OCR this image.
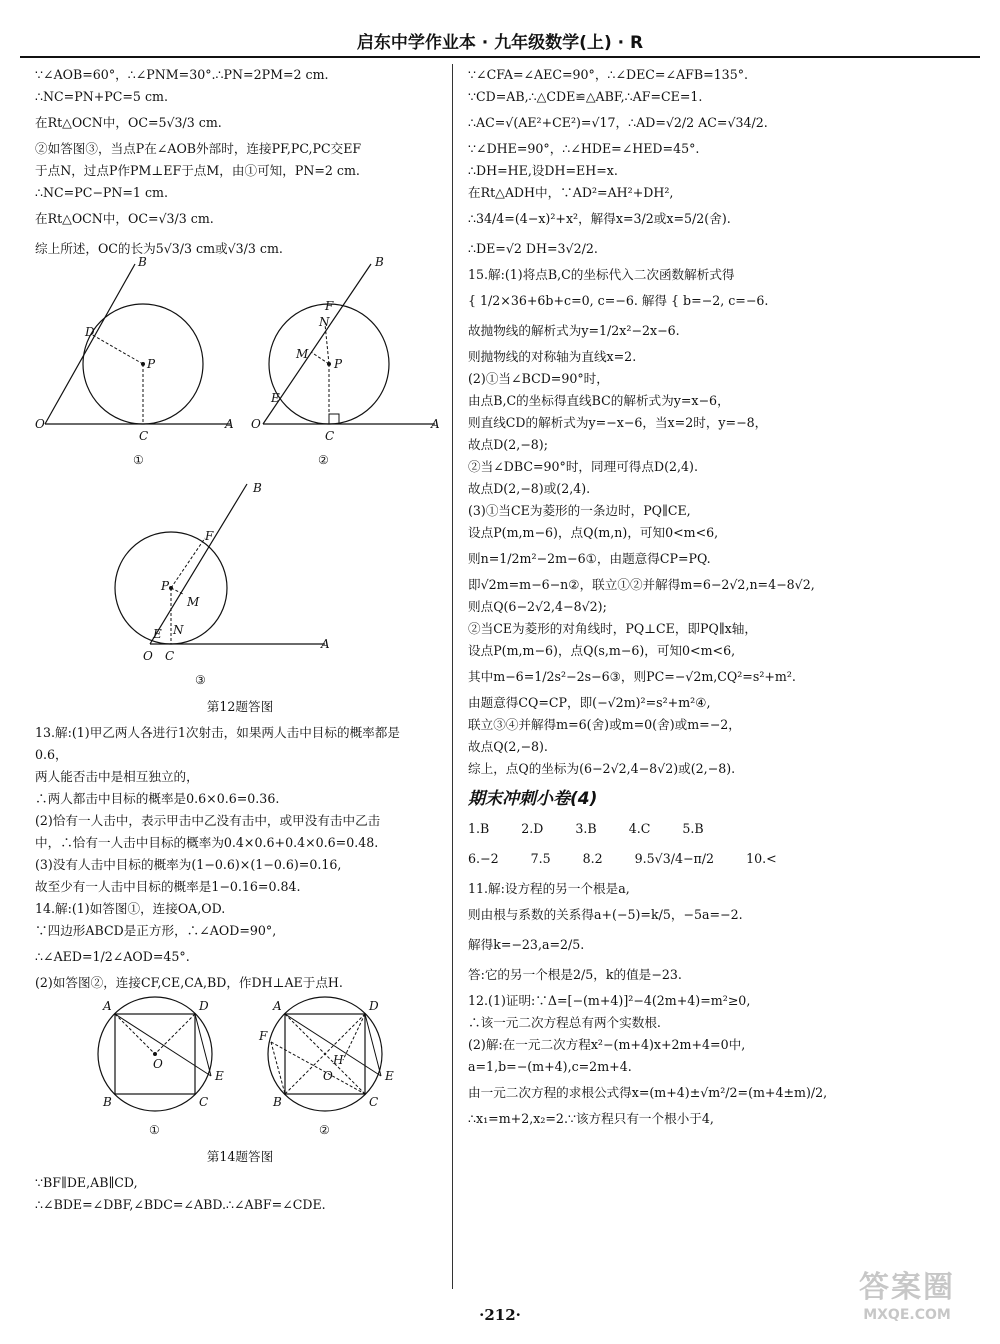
启东中学作业本 · 九年级数学(上) · R
∵∠AOB=60°，∴∠PNM=30°.∴PN=2PM=2 cm.
∴NC=PN+PC=5 cm.
在Rt△OCN中，OC=5√3/3 cm.
②如答图③，当点P在∠AOB外部时，连接PF,PC,PC交EF
于点N，过点P作PM⊥EF于点M，由①可知，PN=2 cm.
∴NC=PC−PN=1 cm.
在Rt△OCN中，OC=√3/3 cm.
综上所述，OC的长为5√3/3 cm或√3/3 cm.
B
D
P
O
C
A
①
B
F
N
M
P
E
O
C
A
②
B
F
P
M
N
E
O C
A
③
第12题答图
13.解:(1)甲乙两人各进行1次射击，如果两人击中目标的概率都是
0.6，
两人能否击中是相互独立的，
∴两人都击中目标的概率是0.6×0.6=0.36.
(2)恰有一人击中，表示甲击中乙没有击中，或甲没有击中乙击
中，∴恰有一人击中目标的概率为0.4×0.6+0.4×0.6=0.48.
(3)没有人击中目标的概率为(1−0.6)×(1−0.6)=0.16,
故至少有一人击中目标的概率是1−0.16=0.84.
14.解:(1)如答图①，连接OA,OD.
∵四边形ABCD是正方形，∴∠AOD=90°,
∴∠AED=1/2∠AOD=45°.
(2)如答图②，连接CF,CE,CA,BD，作DH⊥AE于点H.
A	D
O
E
B	C
①
A	D
F
H
O	E
B	C
②
第14题答图
∵BF∥DE,AB∥CD,
∴∠BDE=∠DBF,∠BDC=∠ABD.∴∠ABF=∠CDE.
∵∠CFA=∠AEC=90°，∴∠DEC=∠AFB=135°.
∵CD=AB,∴△CDE≌△ABF,∴AF=CE=1.
∴AC=√(AE²+CE²)=√17，∴AD=√2/2 AC=√34/2.
∵∠DHE=90°，∴∠HDE=∠HED=45°.
∴DH=HE,设DH=EH=x.
在Rt△ADH中，∵AD²=AH²+DH²,
∴34/4=(4−x)²+x²，解得x=3/2或x=5/2(舍).
∴DE=√2 DH=3√2/2.
15.解:(1)将点B,C的坐标代入二次函数解析式得
{ 1/2×36+6b+c=0, c=−6. 解得 { b=−2, c=−6.
故抛物线的解析式为y=1/2x²−2x−6.
则抛物线的对称轴为直线x=2.
(2)①当∠BCD=90°时，
由点B,C的坐标得直线BC的解析式为y=x−6，
则直线CD的解析式为y=−x−6，当x=2时，y=−8，
故点D(2,−8);
②当∠DBC=90°时，同理可得点D(2,4).
故点D(2,−8)或(2,4).
(3)①当CE为菱形的一条边时，PQ∥CE,
设点P(m,m−6)，点Q(m,n)，可知0<m<6,
则n=1/2m²−2m−6①，由题意得CP=PQ.
即√2m=m−6−n②，联立①②并解得m=6−2√2,n=4−8√2,
则点Q(6−2√2,4−8√2);
②当CE为菱形的对角线时，PQ⊥CE，即PQ∥x轴，
设点P(m,m−6)，点Q(s,m−6)，可知0<m<6,
其中m−6=1/2s²−2s−6③，则PC=−√2m,CQ²=s²+m².
由题意得CQ=CP，即(−√2m)²=s²+m²④,
联立③④并解得m=6(舍)或m=0(舍)或m=−2，
故点Q(2,−8).
综上，点Q的坐标为(6−2√2,4−8√2)或(2,−8).
期末冲刺小卷(4)
1.B	2.D	3.B	4.C	5.B
6.−2	7.5	8.2	9.5√3/4−π/2	10.<
11.解:设方程的另一个根是a,
则由根与系数的关系得a+(−5)=k/5，−5a=−2.
解得k=−23,a=2/5.
答:它的另一个根是2/5，k的值是−23.
12.(1)证明:∵Δ=[−(m+4)]²−4(2m+4)=m²≥0,
∴该一元二次方程总有两个实数根.
(2)解:在一元二次方程x²−(m+4)x+2m+4=0中,
a=1,b=−(m+4),c=2m+4.
由一元二次方程的求根公式得x=(m+4)±√m²/2=(m+4±m)/2,
∴x₁=m+2,x₂=2.∵该方程只有一个根小于4,
·212·
答案圈
MXQE.COM
